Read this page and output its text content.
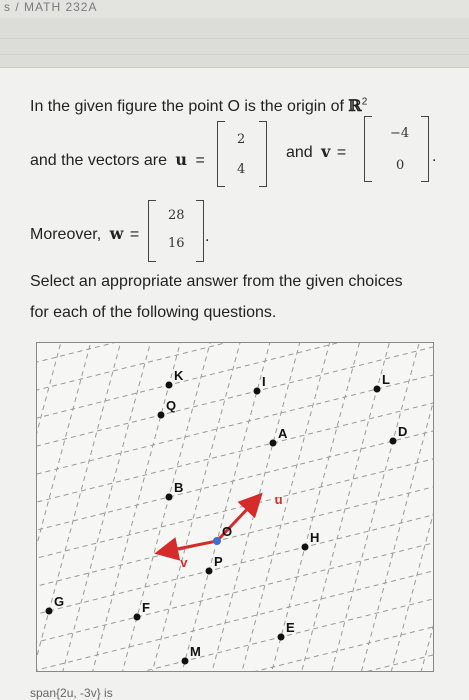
s / MATH 232A
In the given figure the point O is the origin of ℝ$^2$
and the vectors are u =
2
4
and v =
−4
0
.
Moreover, w =
28
16 .
Select an appropriate answer from the given choices
for each of the following questions.
u
v
L
I
D
K
Q
A
H
B
O
P
G
E
F
M
span{2u, -3v} is
